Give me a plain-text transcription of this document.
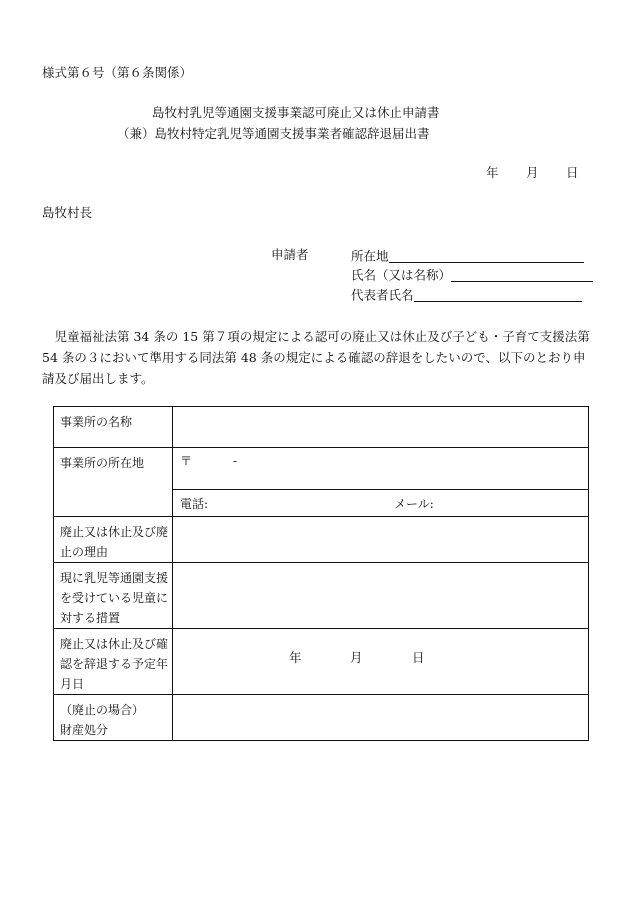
様式第６号（第６条関係）
島牧村乳児等通園支援事業認可廃止又は休止申請書
（兼）島牧村特定乳児等通園支援事業者確認辞退届出書
年 月 日
島牧村長
申請者	所在地
氏名（又は名称）
代表者氏名
児童福祉法第 34 条の 15 第７項の規定による認可の廃止又は休止及び子ども・子育て支援法第 54 条の３において準用する同法第 48 条の規定による確認の辞退をしたいので、以下のとおり申請及び届出します。
事業所の名称	
事業所の所在地	〒 -

	電話: メール:

廃止又は休止及び廃止の理由	
現に乳児等通園支援を受けている児童に対する措置	
廃止又は休止及び確認を辞退する予定年月日	年 月 日

（廃止の場合）
財産処分	
